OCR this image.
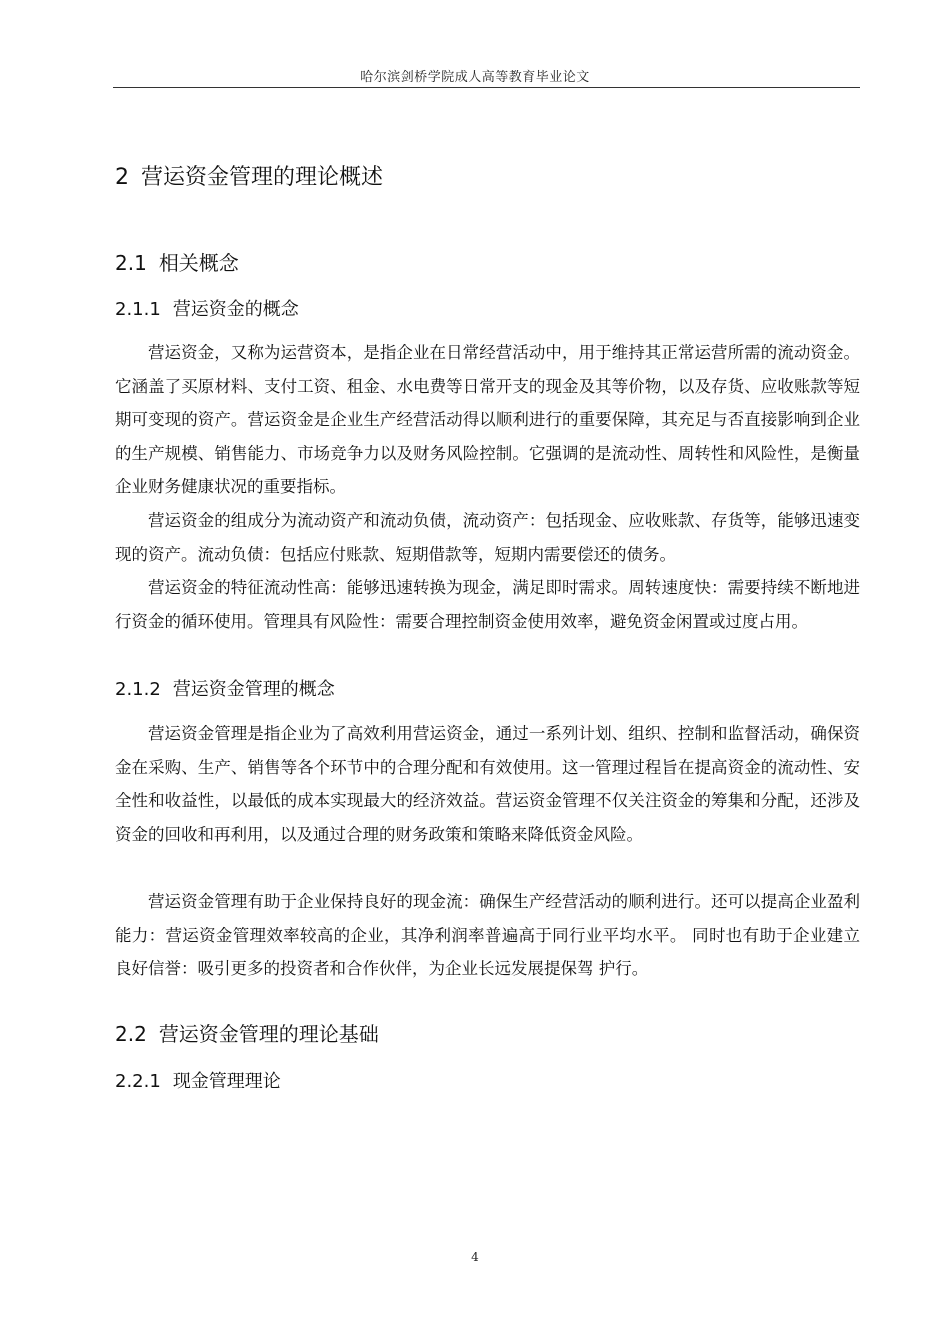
哈尔滨剑桥学院成人高等教育毕业论文
2 营运资金管理的理论概述
2.1 相关概念
2.1.1 营运资金的概念

营运资金，又称为运营资本，是指企业在日常经营活动中，用于维持其正常运营所需的流动资金。它涵盖了买原材料、支付工资、租金、水电费等日常开支的现金及其等价物，以及存货、应收账款等短期可变现的资产。营运资金是企业生产经营活动得以顺利进行的重要保障，其充足与否直接影响到企业的生产规模、销售能力、市场竞争力以及财务风险控制。它强调的是流动性、周转性和风险性，是衡量企业财务健康状况的重要指标。

营运资金的组成分为流动资产和流动负债，流动资产：包括现金、应收账款、存货等，能够迅速变现的资产。流动负债：包括应付账款、短期借款等，短期内需要偿还的债务。

营运资金的特征流动性高：能够迅速转换为现金，满足即时需求。周转速度快：需要持续不断地进行资金的循环使用。管理具有风险性：需要合理控制资金使用效率，避免资金闲置或过度占用。

2.1.2 营运资金管理的概念

营运资金管理是指企业为了高效利用营运资金，通过一系列计划、组织、控制和监督活动，确保资金在采购、生产、销售等各个环节中的合理分配和有效使用。这一管理过程旨在提高资金的流动性、安全性和收益性，以最低的成本实现最大的经济效益。营运资金管理不仅关注资金的筹集和分配，还涉及资金的回收和再利用，以及通过合理的财务政策和策略来降低资金风险。

营运资金管理有助于企业保持良好的现金流：确保生产经营活动的顺利进行。还可以提高企业盈利能力：营运资金管理效率较高的企业，其净利润率普遍高于同行业平均水平。 同时也有助于企业建立良好信誉：吸引更多的投资者和合作伙伴，为企业长远发展提保驾 护行。

2.2 营运资金管理的理论基础
2.2.1 现金管理理论
4
